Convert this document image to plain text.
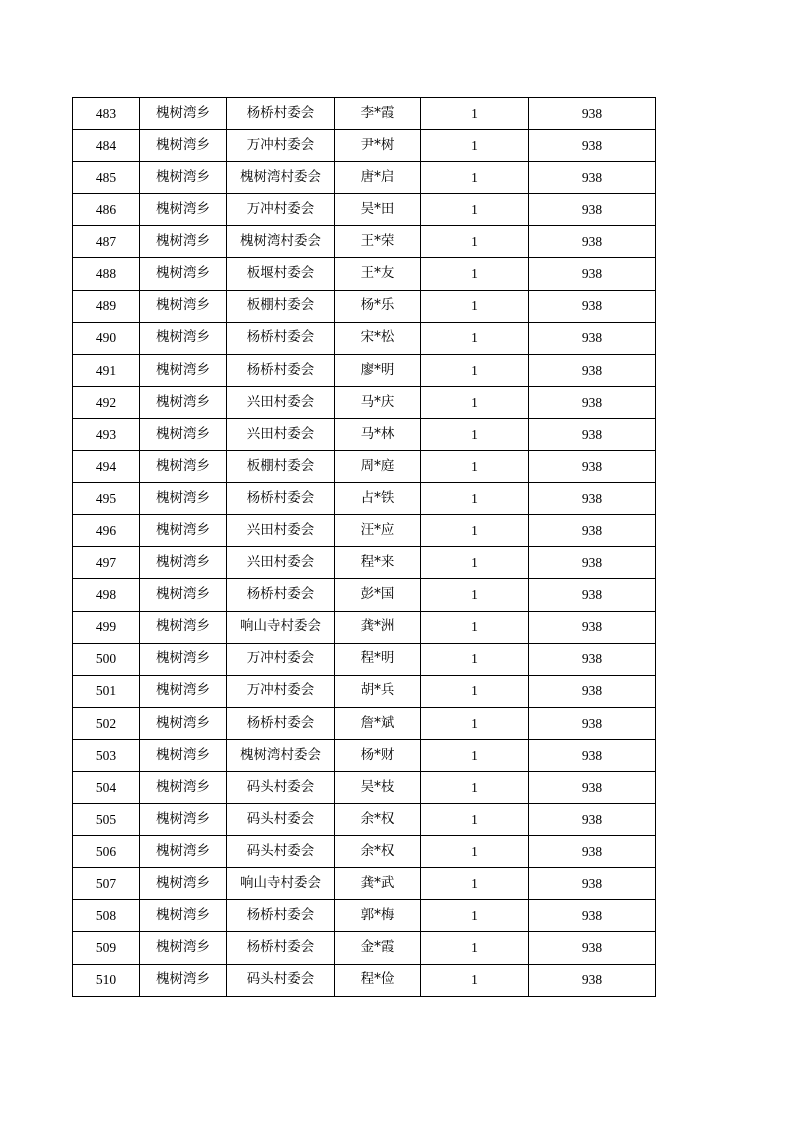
483	槐树湾乡	杨桥村委会	李*霞	1	938
484	槐树湾乡	万冲村委会	尹*树	1	938
485	槐树湾乡	槐树湾村委会	唐*启	1	938
486	槐树湾乡	万冲村委会	吴*田	1	938
487	槐树湾乡	槐树湾村委会	王*荣	1	938
488	槐树湾乡	板堰村委会	王*友	1	938
489	槐树湾乡	板棚村委会	杨*乐	1	938
490	槐树湾乡	杨桥村委会	宋*松	1	938
491	槐树湾乡	杨桥村委会	廖*明	1	938
492	槐树湾乡	兴田村委会	马*庆	1	938
493	槐树湾乡	兴田村委会	马*林	1	938
494	槐树湾乡	板棚村委会	周*庭	1	938
495	槐树湾乡	杨桥村委会	占*铁	1	938
496	槐树湾乡	兴田村委会	汪*应	1	938
497	槐树湾乡	兴田村委会	程*来	1	938
498	槐树湾乡	杨桥村委会	彭*国	1	938
499	槐树湾乡	响山寺村委会	龚*洲	1	938
500	槐树湾乡	万冲村委会	程*明	1	938
501	槐树湾乡	万冲村委会	胡*兵	1	938
502	槐树湾乡	杨桥村委会	詹*斌	1	938
503	槐树湾乡	槐树湾村委会	杨*财	1	938
504	槐树湾乡	码头村委会	吴*枝	1	938
505	槐树湾乡	码头村委会	余*权	1	938
506	槐树湾乡	码头村委会	余*权	1	938
507	槐树湾乡	响山寺村委会	龚*武	1	938
508	槐树湾乡	杨桥村委会	郭*梅	1	938
509	槐树湾乡	杨桥村委会	金*霞	1	938
510	槐树湾乡	码头村委会	程*俭	1	938
